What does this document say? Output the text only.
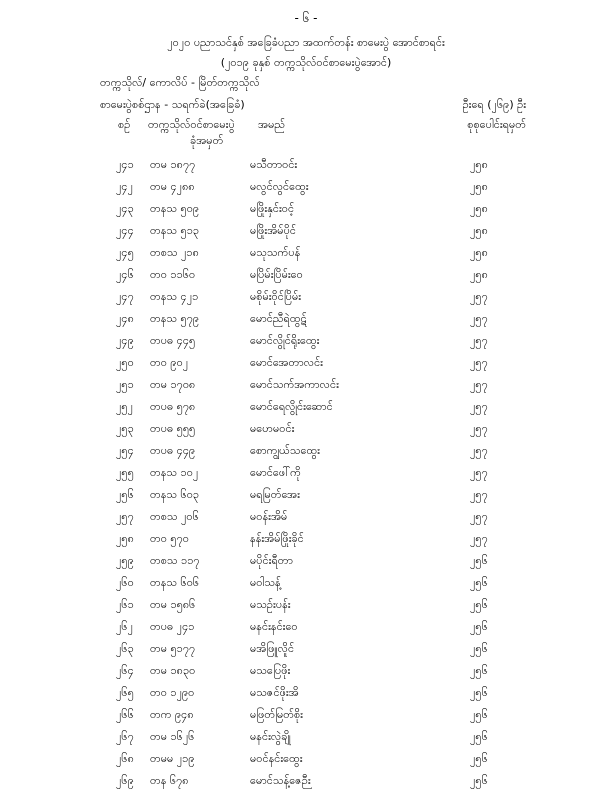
- ၆ -
၂၀၂၀ ပညာသင်နှစ် အခြေခံပညာ အထက်တန်း စာမေးပွဲ အောင်စာရင်း
(၂၀၁၉ ခုနှစ် တက္ကသိုလ်ဝင်စာမေးပွဲအောင်)
တက္ကသိုလ်/ ကောလိပ် - မြိတ်တက္ကသိုလ်
စာမေးပွဲစစ်ဌာန - သရက်ခဲ(အခြေခံ)	ဦးရေ (၂၆၉) ဦး
စဉ် တက္ကသိုလ်ဝင်စာမေးပွဲ
ခုံအမှတ်
အမည်	စုစုပေါင်းရမှတ်
၂၄၁ တမ ၁၈၇၇	မသီတာဝင်း	၂၅၈
၂၄၂ တမ ၄၂၈၈	မလွင်လွင်ထွေး	၂၅၈
၂၄၃ တနသ ၅၀၉	မဖြိုးနှင်းဝင့်	၂၅၈
၂၄၄ တနသ ၅၁၃	မဖြိုးအိမ်ပိုင်	၂၅၈
၂၄၅ တစသ ၂၁၈	မသုသက်ပန်	၂၅၈
၂၄၆ တဝ ၁၁၆၀	မပြိမ်းပြိမ်းဝေ	၂၅၈
၂၄၇ တနသ ၄၂၁	မစိုမ်းဝိုင်ပြိမ်း	၂၅၇
၂၄၈ တနသ ၅၇၉	မောင်ညီရဲထွဋ်	၂၅၇
၂၄၉ တပဓ ၄၄၅	မောင်လွိုင်ရိုးထွေး	၂၅၇
၂၅၀ တဝ ၉၀၂	မောင်အေတာလင်း	၂၅၇
၂၅၁ တမ ၁၇၀၈	မောင်သက်အကာလင်း	၂၅၇
၂၅၂ တပဓ ၅၇၈	မောင်ရေလွိုင်းဆောင်	၂၅၇
၂၅၃ တပဓ ၅၅၅	မဟေမဝင်း	၂၅၇
၂၅၄ တပဓ ၄၄၉	စောကျွယ်သထွေး	၂၅၇
၂၅၅ တနသ ၁၀၂	မောင်ဖေါ်ကို	၂၅၇
၂၅၆ တနသ ၆၀၃	မရမြတ်အေး	၂၅၇
၂၅၇ တစသ ၂၀၆	မဝန်းအိမ်	၂၅၇
၂၅၈ တဝ ၅၇၀	နန်းအိမ်ဖြိုးခိုင်	၂၅၇
၂၅၉ တစသ ၁၁၇	မပိုင်းရီတာ	၂၅၆
၂၆၀ တနသ ၆၀၆	မဝါသန့်	၂၅၆
၂၆၁ တမ ၁၅၈၆	မသဉ်းပန်း	၂၅၆
၂၆၂ တပဓ ၂၄၁	မနင်းနင်းဝေ	၂၅၆
၂၆၃ တမ ၅၁၇၇	မအိဖြူလိူင်	၂၅၆
၂၆၄ တမ ၁၈၃၀	မသပြေဖိုး	၂၅၆
၂၆၅ တဝ ၁၂၉၀	မသဇင်ဖိုးအိ	၂၅၆
၂၆၆ တက ၉၄၈	မဖြတ်မြတ်စိုး	၂၅၆
၂၆၇ တမ ၁၆၂၆	မနင်းလွဲချို	၂၅၆
၂၆၈ တမမ ၂၁၉	မဝင်နင်းထွေး	၂၅၆
၂၆၉ တန ၆၇၈	မောင်သန့်ဇေဉီး	၂၅၆
